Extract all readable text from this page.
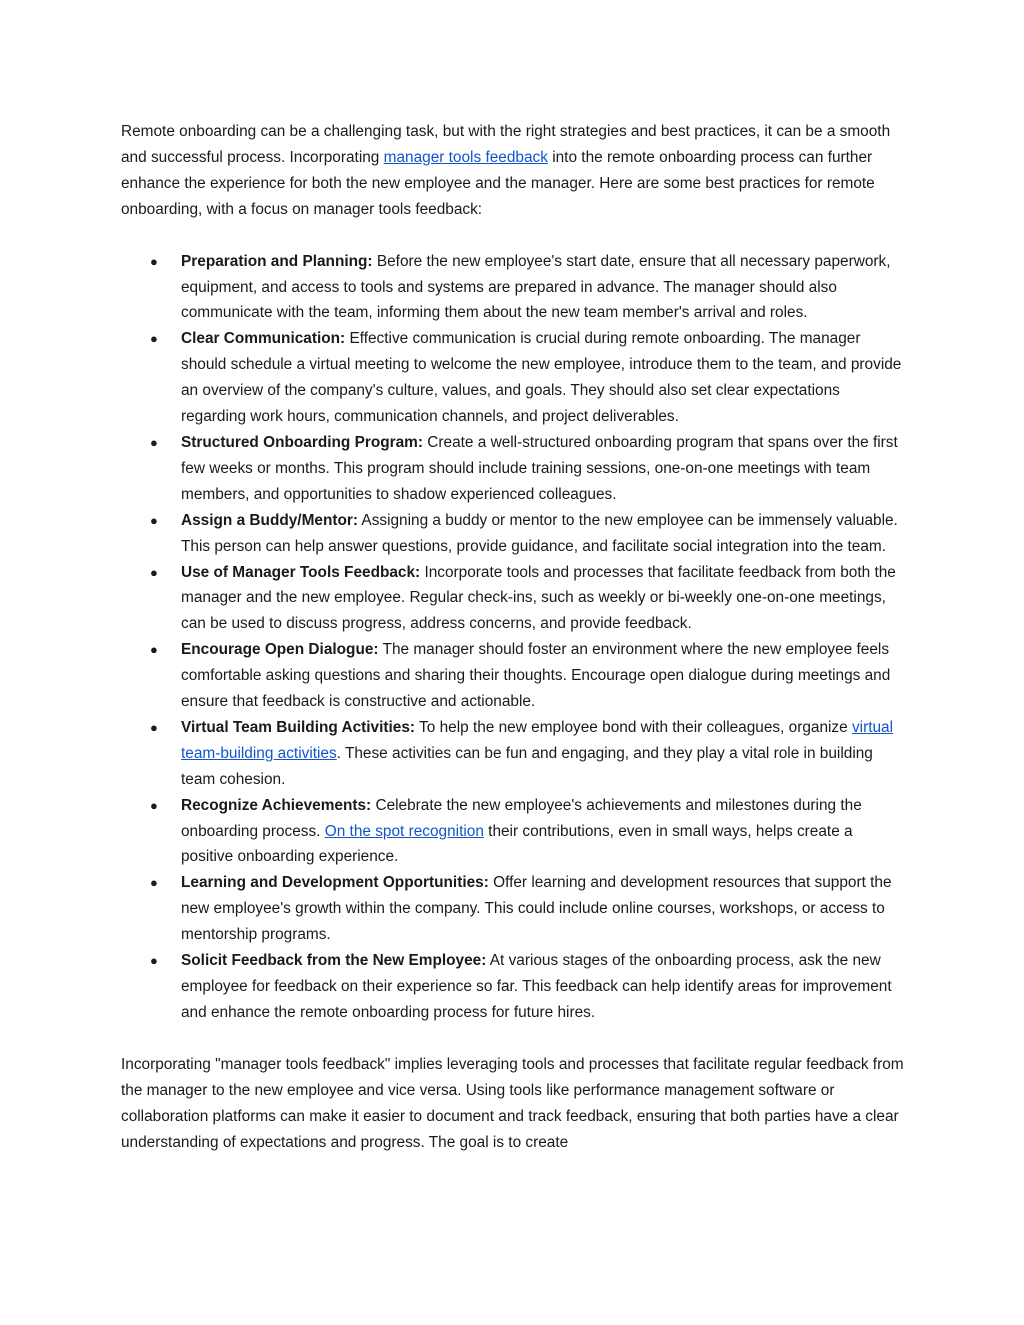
Remote onboarding can be a challenging task, but with the right strategies and best practices, it can be a smooth and successful process. Incorporating manager tools feedback into the remote onboarding process can further enhance the experience for both the new employee and the manager. Here are some best practices for remote onboarding, with a focus on manager tools feedback:

● Preparation and Planning: Before the new employee's start date, ensure that all necessary paperwork, equipment, and access to tools and systems are prepared in advance. The manager should also communicate with the team, informing them about the new team member's arrival and roles.
● Clear Communication: Effective communication is crucial during remote onboarding. The manager should schedule a virtual meeting to welcome the new employee, introduce them to the team, and provide an overview of the company's culture, values, and goals. They should also set clear expectations regarding work hours, communication channels, and project deliverables.
● Structured Onboarding Program: Create a well-structured onboarding program that spans over the first few weeks or months. This program should include training sessions, one-on-one meetings with team members, and opportunities to shadow experienced colleagues.
● Assign a Buddy/Mentor: Assigning a buddy or mentor to the new employee can be immensely valuable. This person can help answer questions, provide guidance, and facilitate social integration into the team.
● Use of Manager Tools Feedback: Incorporate tools and processes that facilitate feedback from both the manager and the new employee. Regular check-ins, such as weekly or bi-weekly one-on-one meetings, can be used to discuss progress, address concerns, and provide feedback.
● Encourage Open Dialogue: The manager should foster an environment where the new employee feels comfortable asking questions and sharing their thoughts. Encourage open dialogue during meetings and ensure that feedback is constructive and actionable.
● Virtual Team Building Activities: To help the new employee bond with their colleagues, organize virtual team-building activities. These activities can be fun and engaging, and they play a vital role in building team cohesion.
● Recognize Achievements: Celebrate the new employee's achievements and milestones during the onboarding process. On the spot recognition their contributions, even in small ways, helps create a positive onboarding experience.
● Learning and Development Opportunities: Offer learning and development resources that support the new employee's growth within the company. This could include online courses, workshops, or access to mentorship programs.
● Solicit Feedback from the New Employee: At various stages of the onboarding process, ask the new employee for feedback on their experience so far. This feedback can help identify areas for improvement and enhance the remote onboarding process for future hires.

Incorporating "manager tools feedback" implies leveraging tools and processes that facilitate regular feedback from the manager to the new employee and vice versa. Using tools like performance management software or collaboration platforms can make it easier to document and track feedback, ensuring that both parties have a clear understanding of expectations and progress. The goal is to create
